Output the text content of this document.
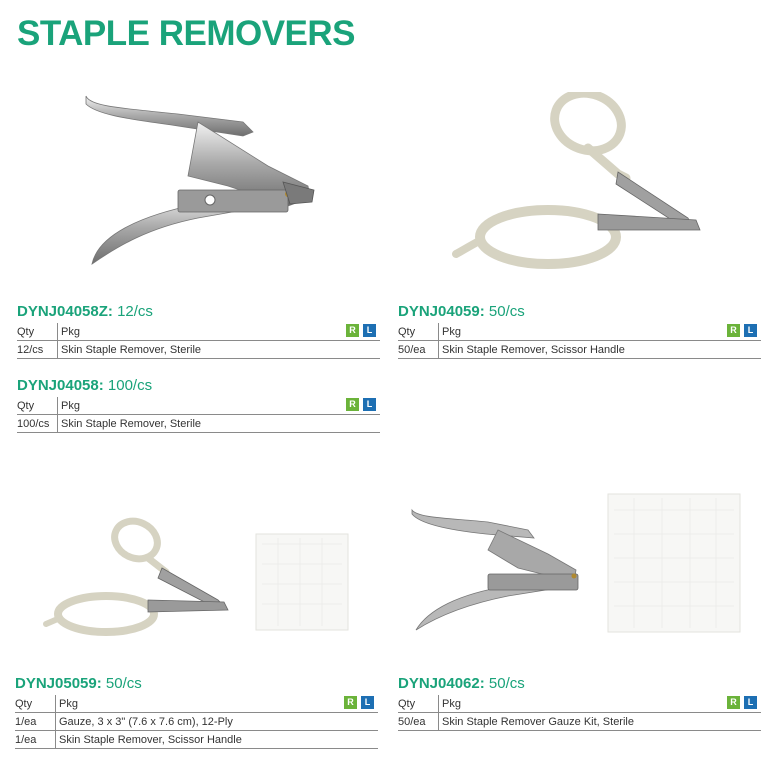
STAPLE REMOVERS
DYNJ04058Z: 12/cs
Qty Pkg	R	L
12/cs Skin Staple Remover, Sterile
DYNJ04058: 100/cs
Qty Pkg	R	L
100/cs Skin Staple Remover, Sterile
DYNJ04059: 50/cs
Qty Pkg	R	L
50/ea Skin Staple Remover, Scissor Handle
DYNJ05059: 50/cs
Qty Pkg	R	L
1/ea Gauze, 3 x 3" (7.6 x 7.6 cm), 12-Ply
1/ea Skin Staple Remover, Scissor Handle
DYNJ04062: 50/cs
Qty Pkg	R	L
50/ea Skin Staple Remover Gauze Kit, Sterile
